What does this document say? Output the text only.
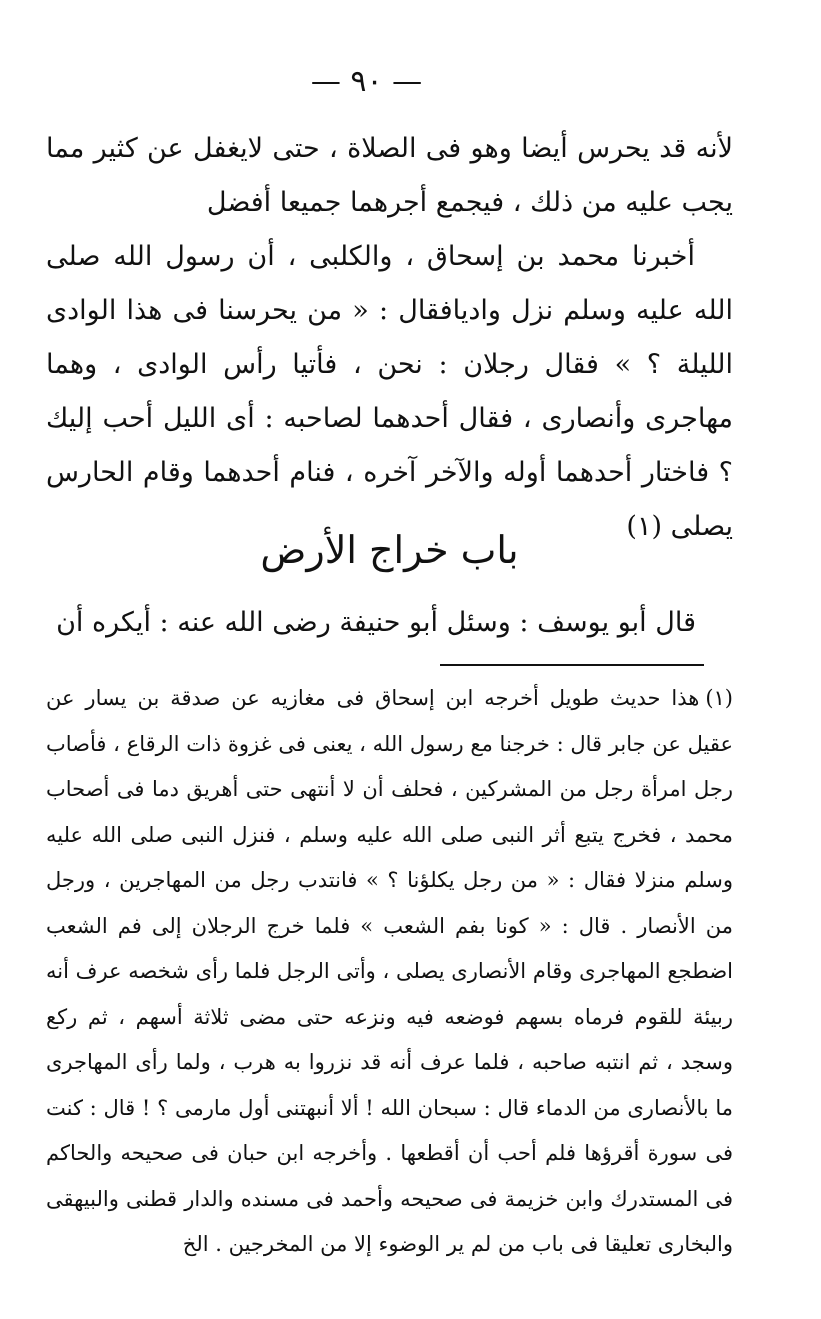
— ٩٠ —

لأنه قد يحرس أيضا وهو فى الصلاة ، حتى لايغفل عن كثير مما يجب عليه من ذلك ، فيجمع أجرهما جميعا أفضل

أخبرنا محمد بن إسحاق ، والكلبى ، أن رسول الله صلى الله عليه وسلم نزل واديافقال : « من يحرسنا فى هذا الوادى الليلة ؟ » فقال رجلان : نحن ، فأتيا رأس الوادى ، وهما مهاجرى وأنصارى ، فقال أحدهما لصاحبه : أى الليل أحب إليك ؟ فاختار أحدهما أوله والآخر آخره ، فنام أحدهما وقام الحارس يصلى (١)

باب خراج الأرض
قال أبو يوسف : وسئل أبو حنيفة رضى الله عنه : أيكره أن

(١)هذا حديث طويل أخرجه ابن إسحاق فى مغازيه عن صدقة بن يسار عن عقيل عن جابر قال : خرجنا مع رسول الله ، يعنى فى غزوة ذات الرقاع ، فأصاب رجل امرأة رجل من المشركين ، فحلف أن لا أنتهى حتى أهريق دما فى أصحاب محمد ، فخرج يتبع أثر النبى صلى الله عليه وسلم ، فنزل النبى صلى الله عليه وسلم منزلا فقال : « من رجل يكلؤنا ؟ » فانتدب رجل من المهاجرين ، ورجل من الأنصار . قال : « كونا بفم الشعب » فلما خرج الرجلان إلى فم الشعب اضطجع المهاجرى وقام الأنصارى يصلى ، وأتى الرجل فلما رأى شخصه عرف أنه ربيئة للقوم فرماه بسهم فوضعه فيه ونزعه حتى مضى ثلاثة أسهم ، ثم ركع وسجد ، ثم انتبه صاحبه ، فلما عرف أنه قد نزروا به هرب ، ولما رأى المهاجرى ما بالأنصارى من الدماء قال : سبحان الله ! ألا أنبهتنى أول مارمى ؟ ! قال : كنت فى سورة أقرؤها فلم أحب أن أقطعها . وأخرجه ابن حبان فى صحيحه والحاكم فى المستدرك وابن خزيمة فى صحيحه وأحمد فى مسنده والدار قطنى والبيهقى والبخارى تعليقا فى باب من لم ير الوضوء إلا من المخرجين . الخ
